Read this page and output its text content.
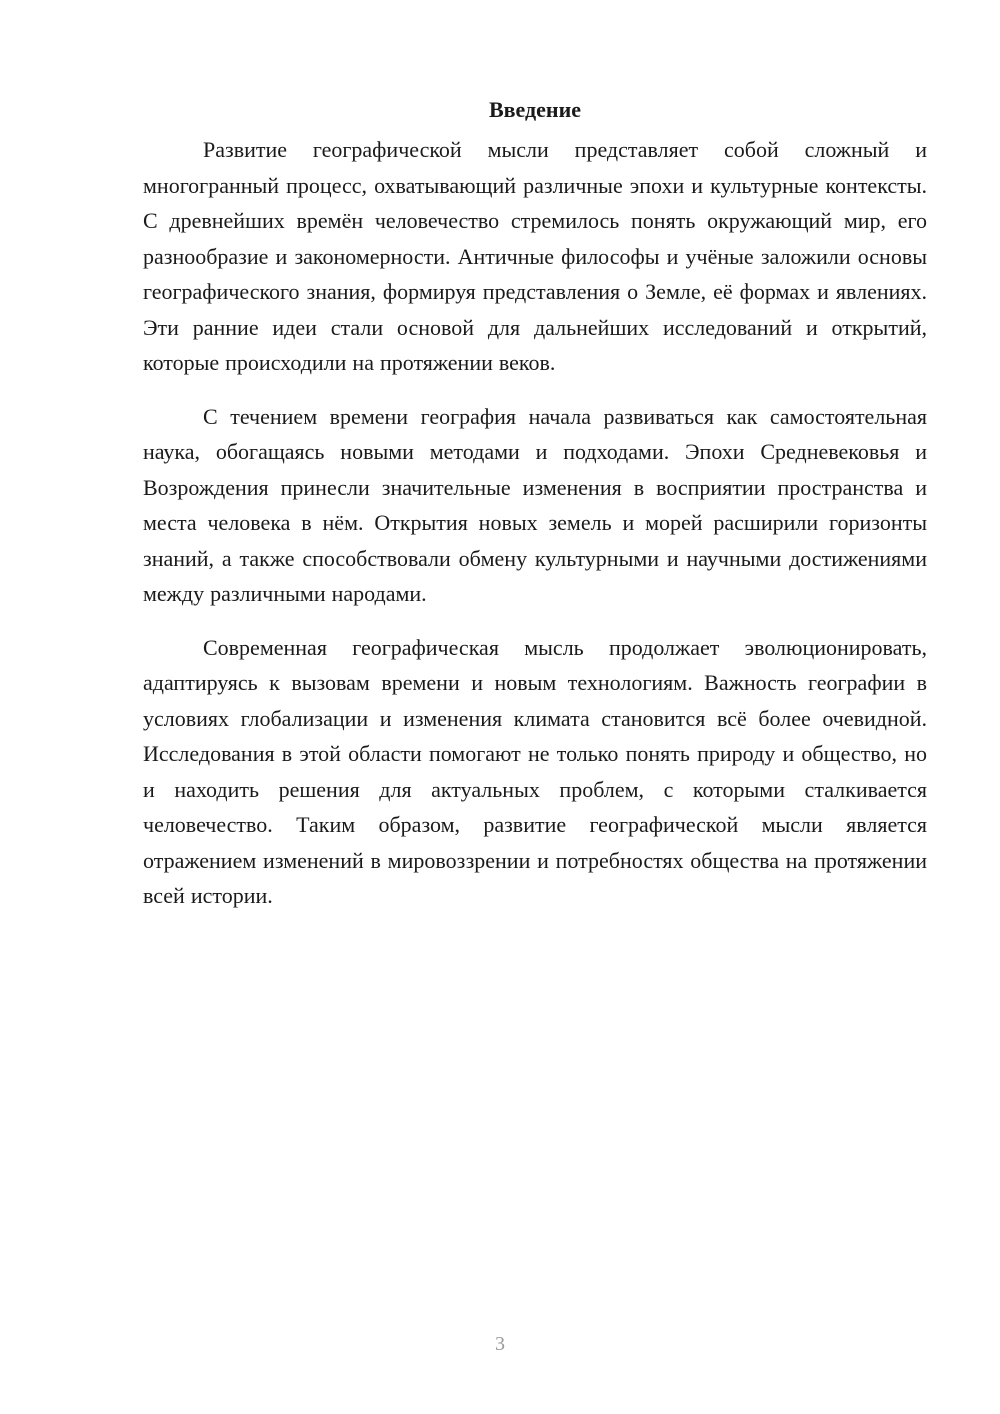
Введение

Развитие географической мысли представляет собой сложный и многогранный процесс, охватывающий различные эпохи и культурные контексты. С древнейших времён человечество стремилось понять окружающий мир, его разнообразие и закономерности. Античные философы и учёные заложили основы географического знания, формируя представления о Земле, её формах и явлениях. Эти ранние идеи стали основой для дальнейших исследований и открытий, которые происходили на протяжении веков.

С течением времени география начала развиваться как самостоятельная наука, обогащаясь новыми методами и подходами. Эпохи Средневековья и Возрождения принесли значительные изменения в восприятии пространства и места человека в нём. Открытия новых земель и морей расширили горизонты знаний, а также способствовали обмену культурными и научными достижениями между различными народами.

Современная географическая мысль продолжает эволюционировать, адаптируясь к вызовам времени и новым технологиям. Важность географии в условиях глобализации и изменения климата становится всё более очевидной. Исследования в этой области помогают не только понять природу и общество, но и находить решения для актуальных проблем, с которыми сталкивается человечество. Таким образом, развитие географической мысли является отражением изменений в мировоззрении и потребностях общества на протяжении всей истории.

3
